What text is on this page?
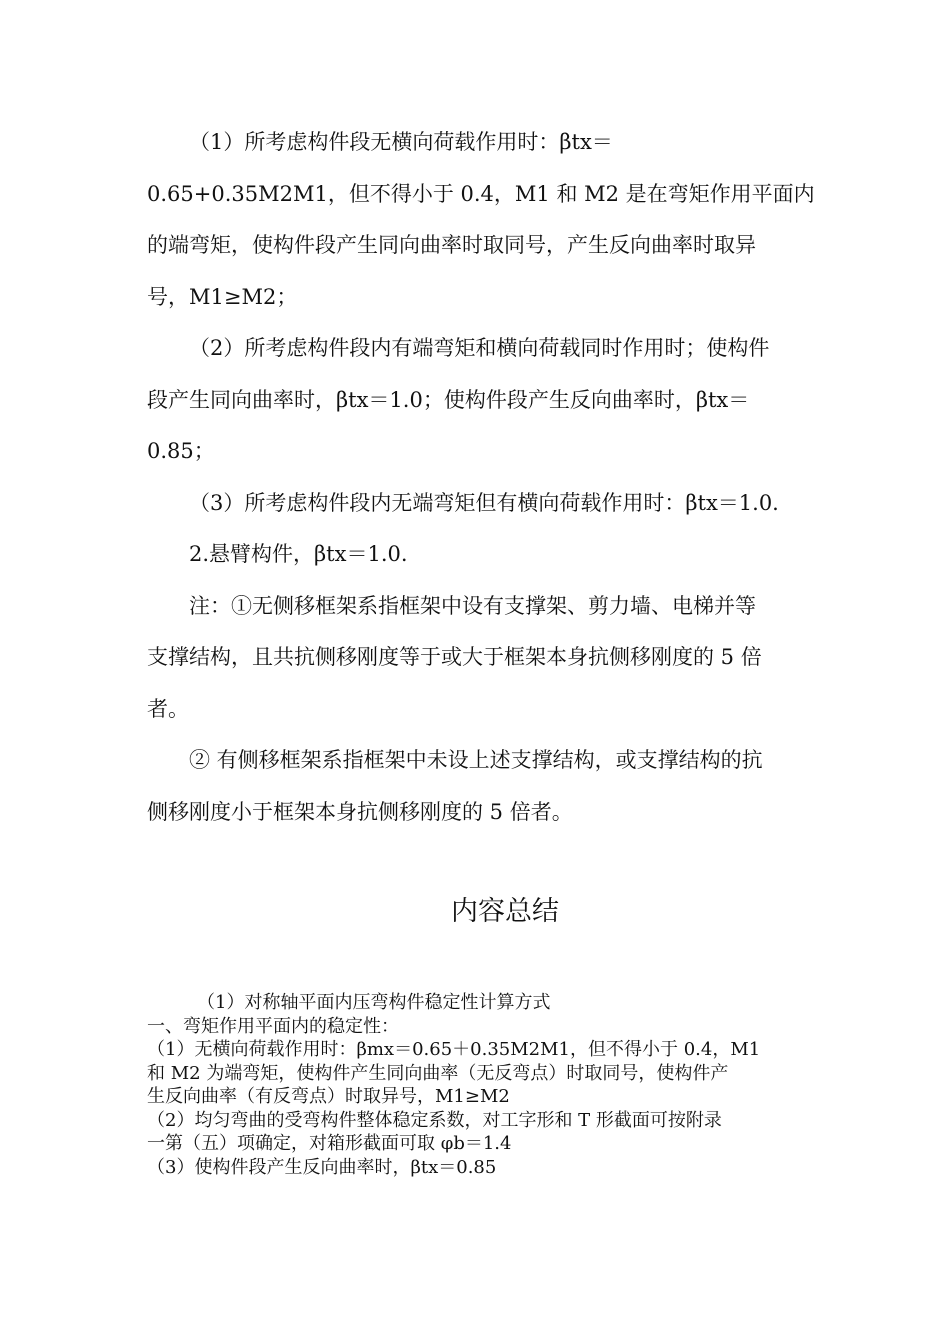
（1）所考虑构件段无横向荷载作用时：βtx＝
0.65+0.35M2M1，但不得小于 0.4，M1 和 M2 是在弯矩作用平面内
的端弯矩，使构件段产生同向曲率时取同号，产生反向曲率时取异
号，M1≥M2；

（2）所考虑构件段内有端弯矩和横向荷载同时作用时；使构件
段产生同向曲率时，βtx＝1.0；使构件段产生反向曲率时，βtx＝
0.85；

（3）所考虑构件段内无端弯矩但有横向荷载作用时：βtx＝1.0.

2.悬臂构件，βtx＝1.0.

注：①无侧移框架系指框架中设有支撑架、剪力墙、电梯并等
支撑结构，且共抗侧移刚度等于或大于框架本身抗侧移刚度的 5 倍
者。

② 有侧移框架系指框架中未设上述支撑结构，或支撑结构的抗
侧移刚度小于框架本身抗侧移刚度的 5 倍者。

内容总结
（1）对称轴平面内压弯构件稳定性计算方式
一、弯矩作用平面内的稳定性：
（1）无横向荷载作用时：βmx＝0.65＋0.35M2M1，但不得小于 0.4，M1
和 M2 为端弯矩，使构件产生同向曲率（无反弯点）时取同号，使构件产
生反向曲率（有反弯点）时取异号，M1≥M2
（2）均匀弯曲的受弯构件整体稳定系数，对工字形和 T 形截面可按附录
一第（五）项确定，对箱形截面可取 φb＝1.4
（3）使构件段产生反向曲率时，βtx＝0.85
